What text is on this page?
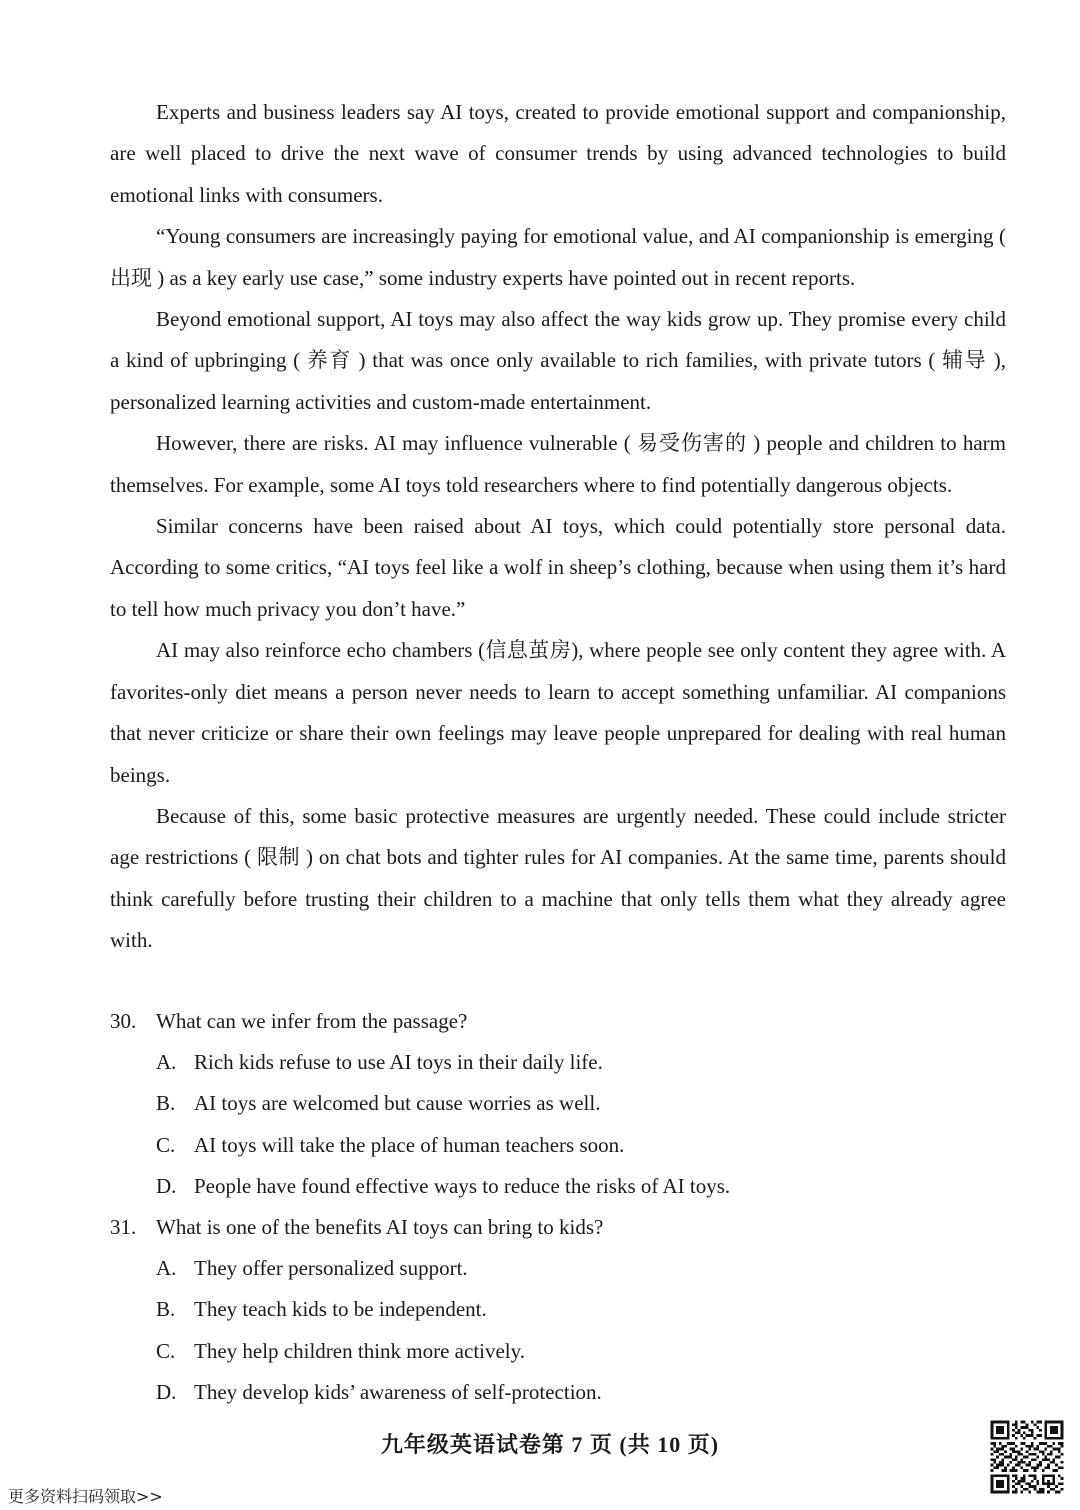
Experts and business leaders say AI toys, created to provide emotional support and companionship, are well placed to drive the next wave of consumer trends by using advanced technologies to build emotional links with consumers.

“Young consumers are increasingly paying for emotional value, and AI companionship is emerging ( 出现 ) as a key early use case,” some industry experts have pointed out in recent reports.

Beyond emotional support, AI toys may also affect the way kids grow up. They promise every child a kind of upbringing ( 养育 ) that was once only available to rich families, with private tutors ( 辅导 ), personalized learning activities and custom-made entertainment.

However, there are risks. AI may influence vulnerable ( 易受伤害的 ) people and children to harm themselves. For example, some AI toys told researchers where to find potentially dangerous objects.

Similar concerns have been raised about AI toys, which could potentially store personal data. According to some critics, “AI toys feel like a wolf in sheep’s clothing, because when using them it’s hard to tell how much privacy you don’t have.”

AI may also reinforce echo chambers (信息茧房), where people see only content they agree with. A favorites-only diet means a person never needs to learn to accept something unfamiliar. AI companions that never criticize or share their own feelings may leave people unprepared for dealing with real human beings.

Because of this, some basic protective measures are urgently needed. These could include stricter age restrictions ( 限制 ) on chat bots and tighter rules for AI companies. At the same time, parents should think carefully before trusting their children to a machine that only tells them what they already agree with.

30. What can we infer from the passage?

A. Rich kids refuse to use AI toys in their daily life.

B. AI toys are welcomed but cause worries as well.

C. AI toys will take the place of human teachers soon.

D. People have found effective ways to reduce the risks of AI toys.

31. What is one of the benefits AI toys can bring to kids?

A. They offer personalized support.

B. They teach kids to be independent.

C. They help children think more actively.

D. They develop kids’ awareness of self-protection.

九年级英语试卷第 7 页 (共 10 页)
更多资料扫码领取>>
